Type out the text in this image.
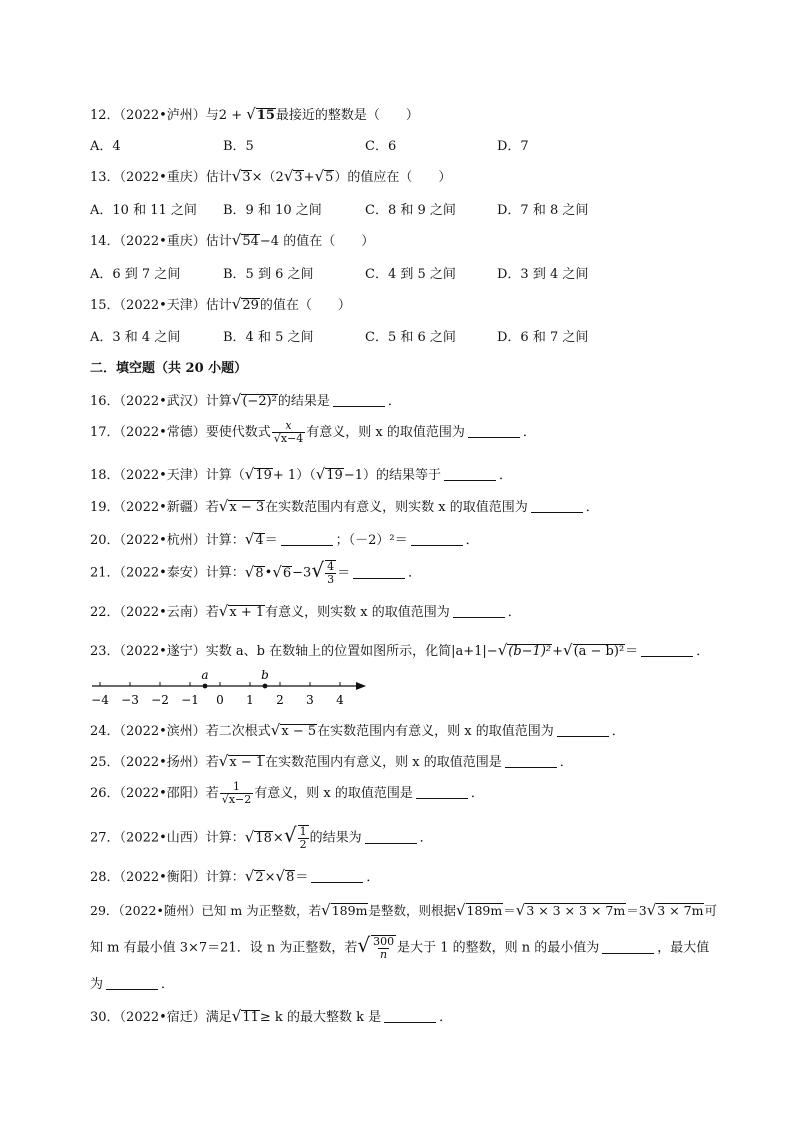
12．（2022•泸州）与2 + √15最接近的整数是（　　）
A．4	B．5	C．6	D．7
13．（2022•重庆）估计√3×（2√3+√5）的值应在（　　）
A．10 和 11 之间 B．9 和 10 之间	C．8 和 9 之间	D．7 和 8 之间
14．（2022•重庆）估计√54−4 的值在（　　）
A．6 到 7 之间	B．5 到 6 之间	C．4 到 5 之间	D．3 到 4 之间
15．（2022•天津）估计√29的值在（　　）
A．3 和 4 之间	B．4 和 5 之间	C．5 和 6 之间	D．6 和 7 之间
二．填空题（共 20 小题）
16．（2022•武汉）计算√(−2)²的结果是	．
17．（2022•常德）要使代数式 $\frac{x}{√x-4}$ 有意义，则 x 的取值范围为	．
18．（2022•天津）计算（√19+ 1）（√19−1）的结果等于	．
19．（2022•新疆）若√x − 3在实数范围内有意义，则实数 x 的取值范围为	．
20．（2022•杭州）计算：√4＝	；（－2）²＝	．
21．（2022•泰安）计算：√8•√6−3√ $\frac{4}{3}$ ＝	．
22．（2022•云南）若√x + 1有意义，则实数 x 的取值范围为	．
23．（2022•遂宁）实数 a、b 在数轴上的位置如图所示，化简|a+1|−√(b−1)²+√(a − b)²＝	．
−4 −3 −2 −1 0 1 2 3 4
a	b
24．（2022•滨州）若二次根式√x − 5在实数范围内有意义，则 x 的取值范围为	．
25．（2022•扬州）若√x − 1在实数范围内有意义，则 x 的取值范围是	．
26．（2022•邵阳）若 $\frac{1}{√x-2}$ 有意义，则 x 的取值范围是	．
27．（2022•山西）计算：$√18\times√ \frac{1}{2}$ 的结果为	．
28．（2022•衡阳）计算：√2×√8＝	．
29．（2022•随州）已知 m 为正整数，若√189m是整数，则根据√189m＝√3 × 3 × 3 × 7m＝3√3 × 7m可
知 m 有最小值 3×7＝21．设 n 为正整数，若√ $\frac{300}{n}$ 是大于 1 的整数，则 n 的最小值为	，最大值
为	．
30．（2022•宿迁）满足√11≥ k 的最大整数 k 是	．
